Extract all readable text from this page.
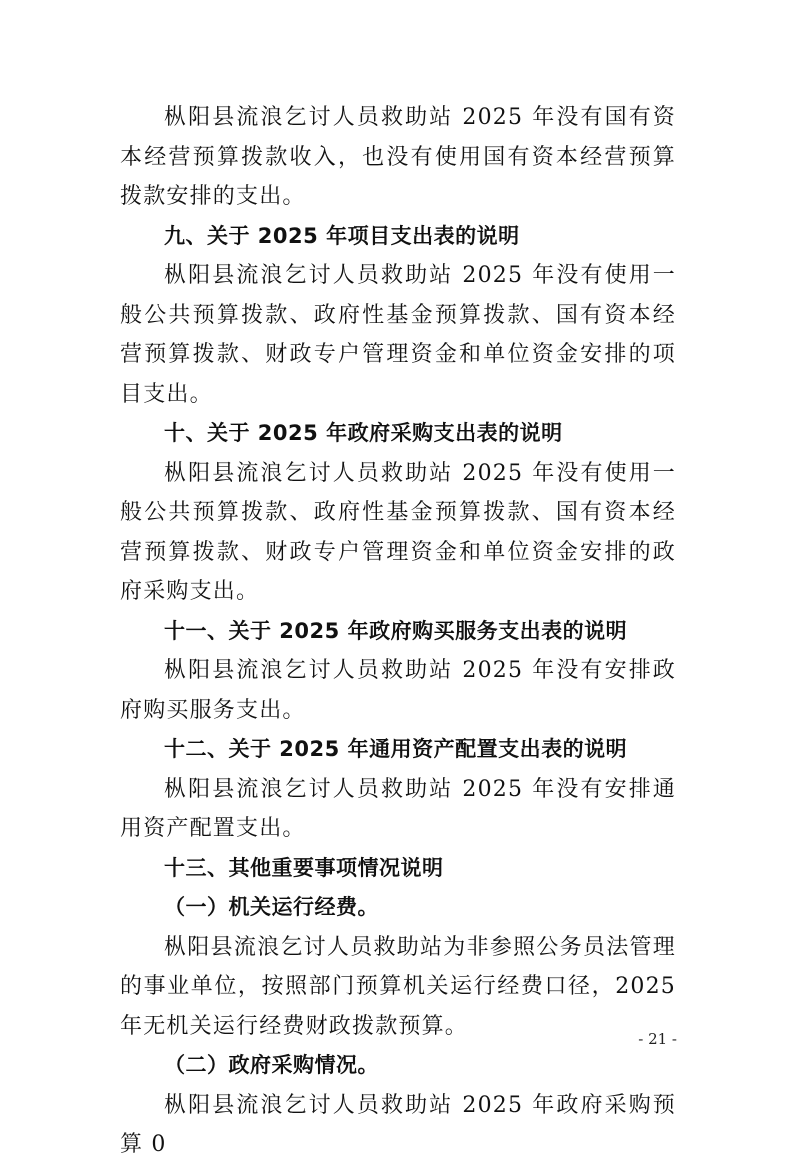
枞阳县流浪乞讨人员救助站 2025 年没有国有资本经营预算拨款收入，也没有使用国有资本经营预算拨款安排的支出。

九、关于 2025 年项目支出表的说明

枞阳县流浪乞讨人员救助站 2025 年没有使用一般公共预算拨款、政府性基金预算拨款、国有资本经营预算拨款、财政专户管理资金和单位资金安排的项目支出。

十、关于 2025 年政府采购支出表的说明

枞阳县流浪乞讨人员救助站 2025 年没有使用一般公共预算拨款、政府性基金预算拨款、国有资本经营预算拨款、财政专户管理资金和单位资金安排的政府采购支出。

十一、关于 2025 年政府购买服务支出表的说明

枞阳县流浪乞讨人员救助站 2025 年没有安排政府购买服务支出。

十二、关于 2025 年通用资产配置支出表的说明

枞阳县流浪乞讨人员救助站 2025 年没有安排通用资产配置支出。

十三、其他重要事项情况说明

（一）机关运行经费。

枞阳县流浪乞讨人员救助站为非参照公务员法管理的事业单位，按照部门预算机关运行经费口径，2025 年无机关运行经费财政拨款预算。

（二）政府采购情况。

枞阳县流浪乞讨人员救助站 2025 年政府采购预算 0

- 21 -
